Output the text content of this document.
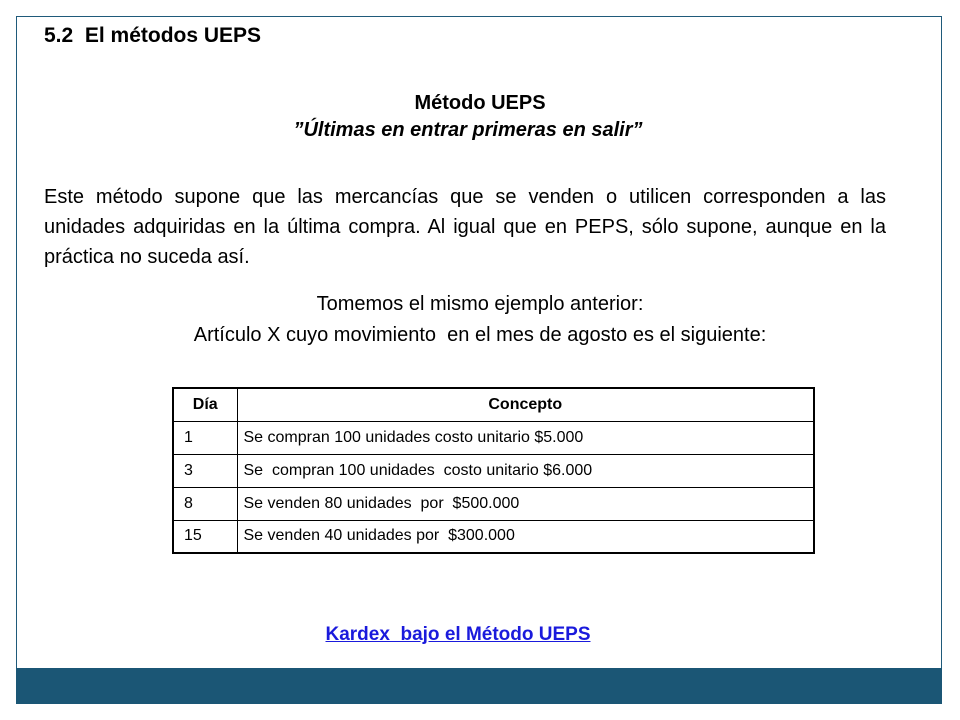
5.2  El métodos UEPS
Método UEPS
”Últimas en entrar primeras en salir”
Este método supone que las mercancías que se venden o utilicen corresponden a las unidades adquiridas en la última compra. Al igual que en PEPS, sólo supone, aunque en la práctica no suceda así.
Tomemos el mismo ejemplo anterior:
Artículo X cuyo movimiento  en el mes de agosto es el siguiente:
Día	Concepto
1	Se compran 100 unidades costo unitario $5.000
3	Se  compran 100 unidades  costo unitario $6.000
8	Se venden 80 unidades  por  $500.000
15	Se venden 40 unidades por  $300.000
Kardex  bajo el Método UEPS
